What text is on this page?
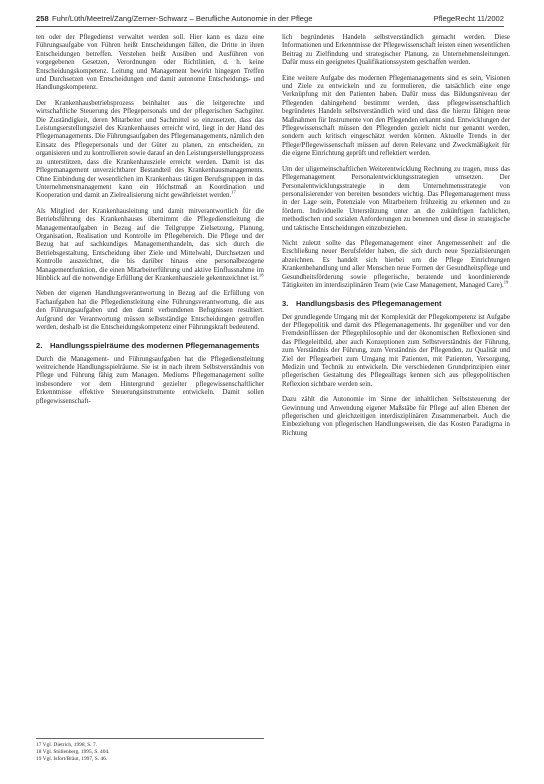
258 Fuhr/Lüth/Meetrel/Zang/Zerner-Schwarz – Berufliche Autonomie in der Pflege	PflegeRecht 11/2002

ten oder der Pflegedienst verwaltet werden soll. Hier kann es dazu eine Führungsaufgabe von Führen heißt Entscheidungen fällen, die Dritte in ihren Entscheidungen betreffen. Verstehen heißt Ausüben und Ausführen von vorgegebenen Gesetzen, Verordnungen oder Richtlinien, d. h. keine Entscheidungskompetenz. Leitung und Management bewirkt hingegen Treffen und Durchsetzen von Entscheidungen und damit autonome Entscheidungs- und Handlungskompetenz.

Der Krankenhausbetriebsprozess beinhaltet aus die leitgerechte und wirtschaftliche Steuerung des Pflegepersonals und der pflegerischen Sachgüter. Die Zuständigkeit, deren Mitarbeiter und Sachmittel so einzusetzen, dass das Leistungserstellungsziel des Krankenhauses erreicht wird, liegt in der Hand des Pflegemanagements. Die Führungsaufgaben des Pflegemanagements, nämlich den Einsatz des Pflegepersonals und der Güter zu planen, zu entscheiden, zu organisieren und zu kontrollieren sowie darauf an den Leistungserstellungsprozess zu unterstützen, dass die Krankenhausziele erreicht werden. Damit ist das Pflegemanagement unverzichtbarer Bestandteil des Krankenhausmanagements. Ohne Einbindung der wesentlichen im Krankenhaus tätigen Berufsgruppen in das Unternehmensmanagement kann ein Höchstmaß an Koordination und Kooperation und damit an Zielrealisierung nicht gewährleistet werden.$^{17}$

Als Mitglied der Krankenhausleitung und damit mitverantwortlich für die Betriebsführung des Krankenhauses übernimmt die Pflegedienstleitung die Managementaufgaben in Bezug auf die Teilgruppe Zielsetzung, Planung, Organisation, Realisation und Kontrolle im Pflegebereich. Die Pflege und der Bezug hat auf sachkundiges Managementhandeln, das sich durch die Betriebsgestaltung, Entscheidung über Ziele und Mittelwahl, Durchsetzen und Kontrolle auszeichnet, die bis darüber hinaus eine personalbezogene Managementfunktion, die einen Mitarbeiterführung und aktive Einflussnahme im Hinblick auf die notwendige Erfüllung der Krankenhausziele gekennzeichnet ist.$^{18}$

Neben der eigenen Handlungsverantwortung in Bezug auf die Erfüllung von Fachaufgaben hat die Pflegedienstleitung eine Führungsverantwortung, die aus den Führungsaufgaben und den damit verbundenen Befugnissen resultiert. Aufgrund der Verantwortung müssen selbstständige Entscheidungen getroffen werden, deshalb ist die Entscheidungskompetenz einer Führungskraft bedeutend.

2.	Handlungsspielräume des modernen Pflegemanagements

Durch die Management- und Führungsaufgaben hat die Pflegedienstleitung weitreichende Handlungsspielräume. Sie ist in nach ihrem Selbstverständnis von Pflege und Führung fähig zum Managen. Mediums Pflegemanagement sollte insbesondere vor dem Hintergrund gezielter pflegewissenschaftlicher Erkenntnisse effektive Steuerungsinstrumente entwickeln. Damit sollen pflegewissenschaft-

lich begründetes Handeln selbstverständlich gemacht werden. Diese Informationen und Erkenntnisse der Pflegewissenschaft leisten einen wesentlichen Beitrag zu Zielfindung und strategischer Planung, zu Unternehmensleitungen. Dafür muss ein geeignetes Qualifikationssystem geschaffen werden.

Eine weitere Aufgabe des modernen Pflegemanagements sind es sein, Visionen und Ziele zu entwickeln und zu formulieren, die tatsächlich eine enge Verknüpfung mit den Patienten haben. Dafür muss das Bildungsniveau der Pflegenden dahingehend bestimmt werden, dass pflegewissenschaftlich begründetes Handeln selbstverständlich wird und dass die hierzu fähigen neue Maßnahmen für Instrumente von den Pflegenden erkannt sind. Entwicklungen der Pflegewissenschaft müssen den Pflegenden gezielt nicht nur genannt werden, sondern auch kritisch eingeschätzt werden können. Aktuelle Trends in der Pflege/Pflegewissenschaft müssen auf deren Relevanz und Zweckmäßigkeit für die eigene Einrichtung geprüft und reflektiert werden.

Um der uligemeinschaftlichen Weiterentwicklung Rechnung zu tragen, muss das Pflegemanagement Personalentwicklungsstrategien umsetzen. Der Personalentwicklungsstrategie in dem Unternehmensstrategie von personalisierender von bereiten besonders wichtig. Das Pflegemanagement muss in der Lage sein, Potenziale von Mitarbeitern frühzeitig zu erkennen und zu fördern. Individuelle Unterstützung unter an die zukünftigen fachlichen, methodischen und sozialen Anforderungen zu benennen und diese in strategische und taktische Entscheidungen einzubeziehen.

Nicht zuletzt sollte das Pflegemanagement einer Angemessenheit auf die Erschließung neuer Berufsfelder haben, die sich durch neue Spezialisierungen abzeichnen. Es handelt sich hierbei um die Pflege Einrichtungen Krankenbehandlung und aller Menschen neue Formen der Gesundheitspflege und Gesundheitsförderung sowie pflegerische, beratende und koordinierende Tätigkeiten im interdisziplinären Team (wie Case Management, Managed Care).$^{19}$

3.	Handlungsbasis des Pflegemanagement

Der grundlegende Umgang mit der Komplexität der Pflegekompetenz ist Aufgabe der Pflegepolitik und damit des Pflegemanagements. Ihr gegenüber und vor den Fremdeinflüssen der Pflegephilosophie und der ökonomischen Reflexionen sind das Pflegeleitbild, aber auch Konzeptionen zum Selbstverständnis der Führung, zum Verständnis der Führung, zum Verständnis der Pflegenden, zu Qualität und Ziel der Pflegearbeit zum Umgang mit Patienten, mit Patienten, Versorgung, Medizin und Technik zu entwickeln. Die verschiedenen Grundprinzipien einer pflegerischen Gestaltung des Pflegealltags kennen sich aus pflegepolitischen Reflexion sichtbare werden sein.

Dazu zählt die Autonomie im Sinne der inhaltlichen Selbststeuerung der Gewinnung und Anwendung eigener Maßstäbe für Pflege auf allen Ebenen der pflegerischen und gleichzeitigen interdisziplinären Zusammenarbeit. Auch die Einbeziehung von pflegerischen Handlungsweisen, die das Kosten Paradigma in Richtung

17 Vgl. Dietrich, 1998, S. 7.
18 Vgl. Stüllenberg, 1995, S. 404.
19 Vgl. Isfort/Bräut, 1997, S. 46.
